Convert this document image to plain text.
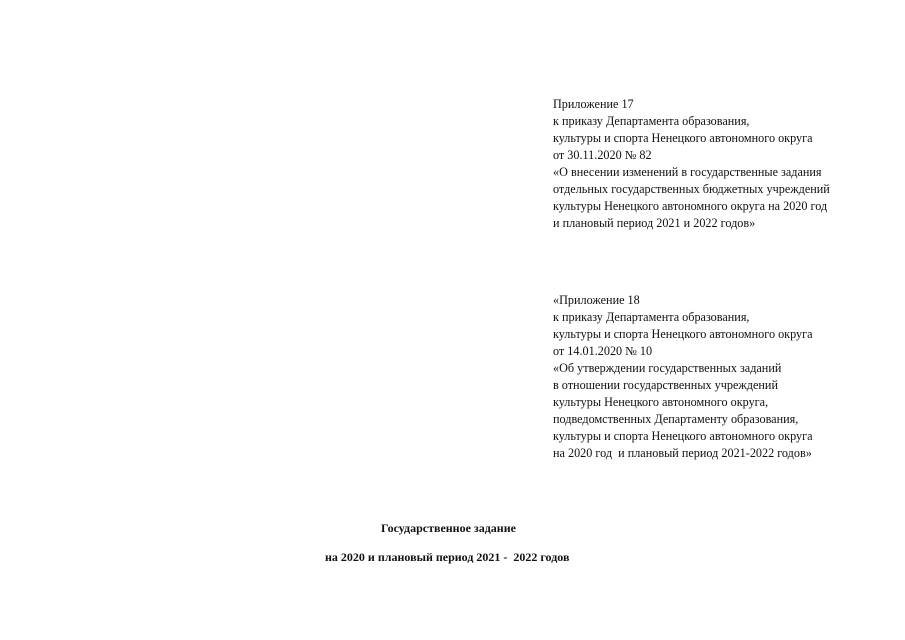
Приложение 17
к приказу Департамента образования,
культуры и спорта Ненецкого автономного округа
от 30.11.2020 № 82
«О внесении изменений в государственные задания
отдельных государственных бюджетных учреждений
культуры Ненецкого автономного округа на 2020 год
и плановый период 2021 и 2022 годов»
«Приложение 18
к приказу Департамента образования,
культуры и спорта Ненецкого автономного округа
от 14.01.2020 № 10
«Об утверждении государственных заданий
в отношении государственных учреждений
культуры Ненецкого автономного округа,
подведомственных Департаменту образования,
культуры и спорта Ненецкого автономного округа
на 2020 год  и плановый период 2021-2022 годов»
Государственное задание
на 2020 и плановый период 2021 -  2022 годов
